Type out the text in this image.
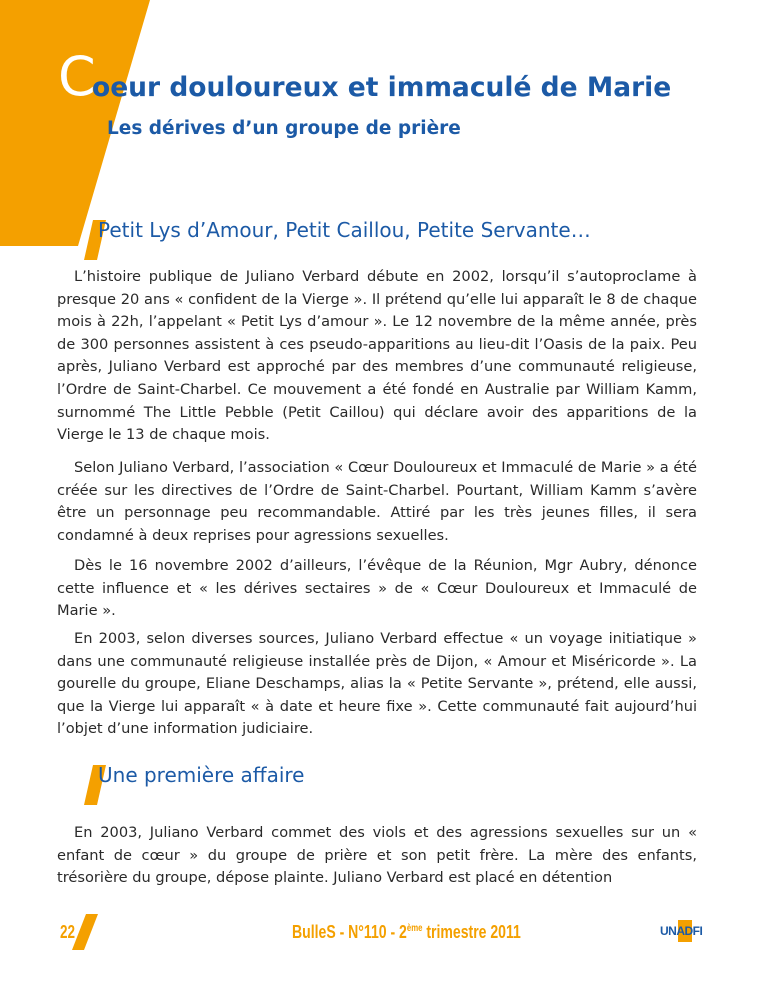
C
oeur douloureux et immaculé de Marie
Les dérives d’un groupe de prière
Petit Lys d’Amour, Petit Caillou, Petite Servante…

L’histoire publique de Juliano Verbard débute en 2002, lorsqu’il s’autoproclame à presque 20 ans « confident de la Vierge ». Il prétend qu’elle lui apparaît le 8 de chaque mois à 22h, l’appelant « Petit Lys d’amour ». Le 12 novembre de la même année, près de 300 personnes assistent à ces pseudo-apparitions au lieu-dit l’Oasis de la paix. Peu après, Juliano Verbard est approché par des membres d’une communauté religieuse, l’Ordre de Saint-Charbel. Ce mouvement a été fondé en Australie par William Kamm, surnommé The Little Pebble (Petit Caillou) qui déclare avoir des apparitions de la Vierge le 13 de chaque mois.

Selon Juliano Verbard, l’association « Cœur Douloureux et Immaculé de Marie » a été créée sur les directives de l’Ordre de Saint-Charbel. Pourtant, William Kamm s’avère être un personnage peu recommandable. Attiré par les très jeunes filles, il sera condamné à deux reprises pour agressions sexuelles.

Dès le 16 novembre 2002 d’ailleurs, l’évêque de la Réunion, Mgr Aubry, dénonce cette influence et « les dérives sectaires » de « Cœur Douloureux et Immaculé de Marie ».

En 2003, selon diverses sources, Juliano Verbard effectue « un voyage initiatique » dans une communauté religieuse installée près de Dijon, « Amour et Miséricorde ». La gourelle du groupe, Eliane Deschamps, alias la « Petite Servante », prétend, elle aussi, que la Vierge lui apparaît « à date et heure fixe ». Cette communauté fait aujourd’hui l’objet d’une information judiciaire.

Une première affaire

En 2003, Juliano Verbard commet des viols et des agressions sexuelles sur un « enfant de cœur » du groupe de prière et son petit frère. La mère des enfants, trésorière du groupe, dépose plainte. Juliano Verbard est placé en détention

22	BulleS - N°110 - 2ème trimestre 2011	UNADFI
